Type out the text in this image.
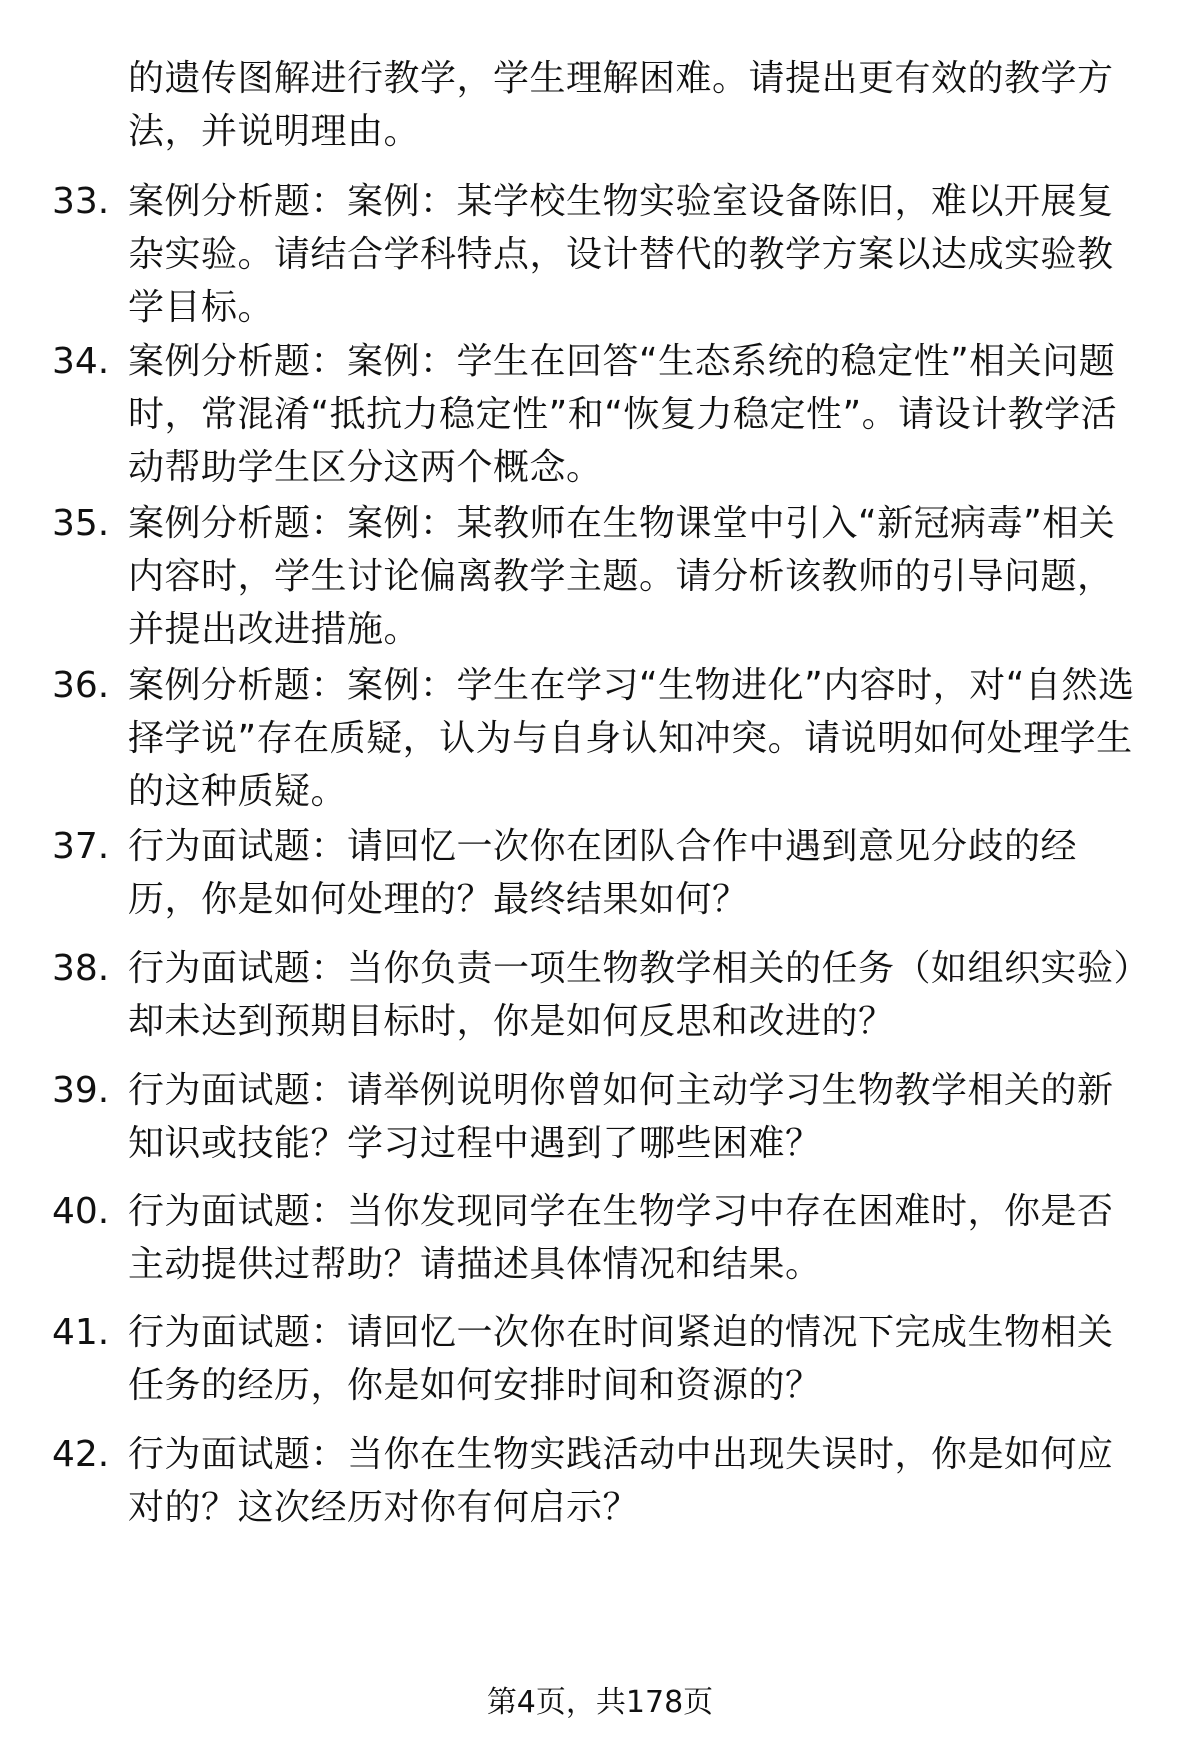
的遗传图解进行教学，学生理解困难。请提出更有效的教学方法，并说明理由。

33. 案例分析题：案例：某学校生物实验室设备陈旧，难以开展复杂实验。请结合学科特点，设计替代的教学方案以达成实验教学目标。
34. 案例分析题：案例：学生在回答“生态系统的稳定性”相关问题时，常混淆“抵抗力稳定性”和“恢复力稳定性”。请设计教学活动帮助学生区分这两个概念。
35. 案例分析题：案例：某教师在生物课堂中引入“新冠病毒”相关内容时，学生讨论偏离教学主题。请分析该教师的引导问题，并提出改进措施。
36. 案例分析题：案例：学生在学习“生物进化”内容时，对“自然选择学说”存在质疑，认为与自身认知冲突。请说明如何处理学生的这种质疑。
37. 行为面试题：请回忆一次你在团队合作中遇到意见分歧的经历，你是如何处理的？最终结果如何？
38. 行为面试题：当你负责一项生物教学相关的任务（如组织实验）却未达到预期目标时，你是如何反思和改进的？
39. 行为面试题：请举例说明你曾如何主动学习生物教学相关的新知识或技能？学习过程中遇到了哪些困难？
40. 行为面试题：当你发现同学在生物学习中存在困难时，你是否主动提供过帮助？请描述具体情况和结果。
41. 行为面试题：请回忆一次你在时间紧迫的情况下完成生物相关任务的经历，你是如何安排时间和资源的？
42. 行为面试题：当你在生物实践活动中出现失误时，你是如何应对的？这次经历对你有何启示？
第4页，共178页
